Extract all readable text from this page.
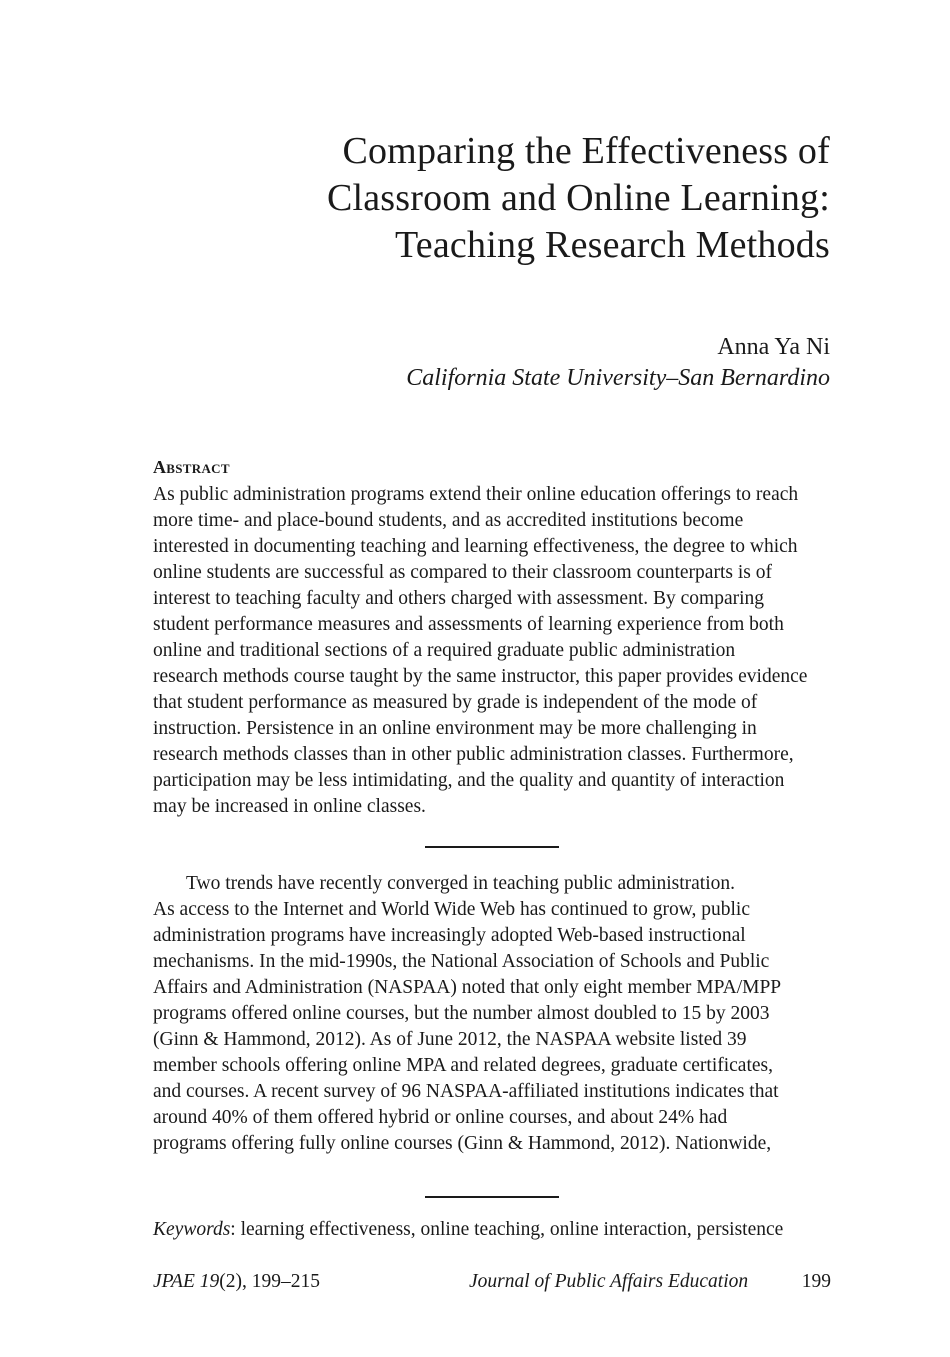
Comparing the Effectiveness of
Classroom and Online Learning:
Teaching Research Methods
Anna Ya Ni
California State University–San Bernardino
Abstract
As public administration programs extend their online education offerings to reach
more time- and place-bound students, and as accredited institutions become
interested in documenting teaching and learning effectiveness, the degree to which
online students are successful as compared to their classroom counterparts is of
interest to teaching faculty and others charged with assessment. By comparing
student performance measures and assessments of learning experience from both
online and traditional sections of a required graduate public administration
research methods course taught by the same instructor, this paper provides evidence
that student performance as measured by grade is independent of the mode of
instruction. Persistence in an online environment may be more challenging in
research methods classes than in other public administration classes. Furthermore,
participation may be less intimidating, and the quality and quantity of interaction
may be increased in online classes.
Two trends have recently converged in teaching public administration.
As access to the Internet and World Wide Web has continued to grow, public
administration programs have increasingly adopted Web-based instructional
mechanisms. In the mid-1990s, the National Association of Schools and Public
Affairs and Administration (NASPAA) noted that only eight member MPA/MPP
programs offered online courses, but the number almost doubled to 15 by 2003
(Ginn & Hammond, 2012). As of June 2012, the NASPAA website listed 39
member schools offering online MPA and related degrees, graduate certificates,
and courses. A recent survey of 96 NASPAA-affiliated institutions indicates that
around 40% of them offered hybrid or online courses, and about 24% had
programs offering fully online courses (Ginn & Hammond, 2012). Nationwide,
Keywords: learning effectiveness, online teaching, online interaction, persistence
JPAE 19(2), 199–215	Journal of Public Affairs Education	199
